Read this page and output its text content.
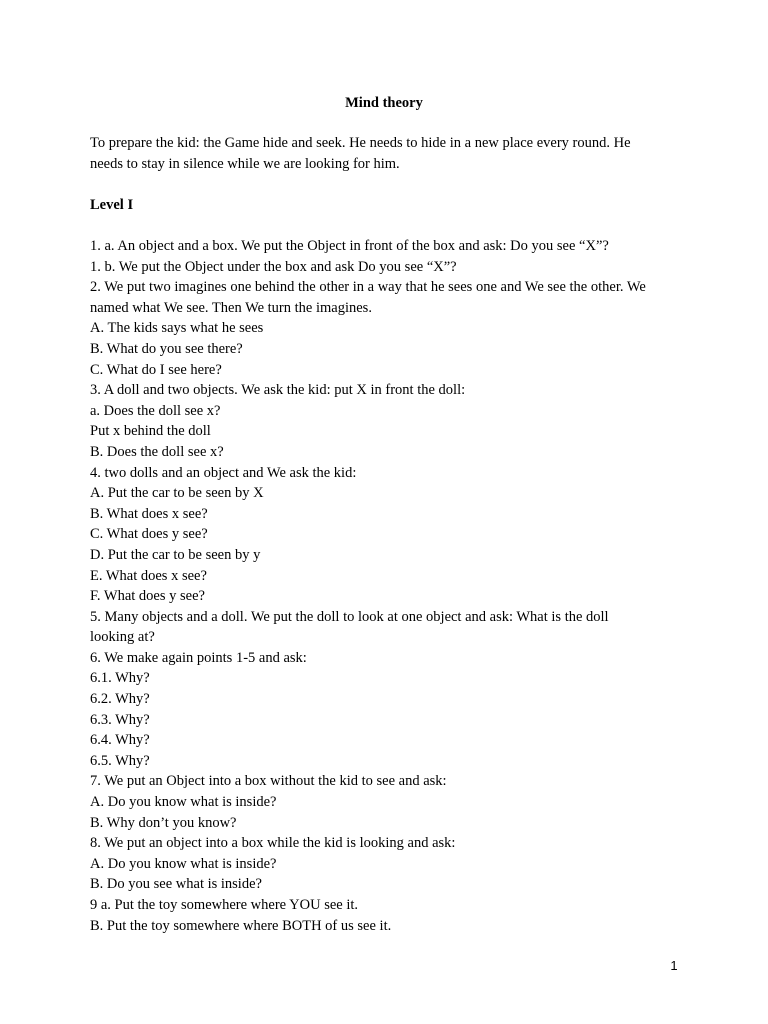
Mind theory
To prepare the kid: the Game hide and seek. He needs to hide in a new place every round. He
needs to stay in silence while we are looking for him.
Level I
1. a. An object and a box. We put the Object in front of the box and ask: Do you see “X”?
1. b. We put the Object under the box and ask Do you see “X”?
2. We put two imagines one behind the other in a way that he sees one and We see the other. We
named what We see. Then We turn the imagines.
A. The kids says what he sees
B. What do you see there?
C. What do I see here?
3. A doll and two objects. We ask the kid: put X in front the doll:
a. Does the doll see x?
Put x behind the doll
B. Does the doll see x?
4. two dolls and an object and We ask the kid:
A. Put the car to be seen by X
B. What does x see?
C. What does y see?
D. Put the car to be seen by y
E. What does x see?
F. What does y see?
5. Many objects and a doll. We put the doll to look at one object and ask: What is the doll
looking at?
6. We make again points 1-5 and ask:
6.1. Why?
6.2. Why?
6.3. Why?
6.4. Why?
6.5. Why?
7. We put an Object into a box without the kid to see and ask:
A. Do you know what is inside?
B. Why don’t you know?
8. We put an object into a box while the kid is looking and ask:
A. Do you know what is inside?
B. Do you see what is inside?
9 a. Put the toy somewhere where YOU see it.
B. Put the toy somewhere where BOTH of us see it.
1
